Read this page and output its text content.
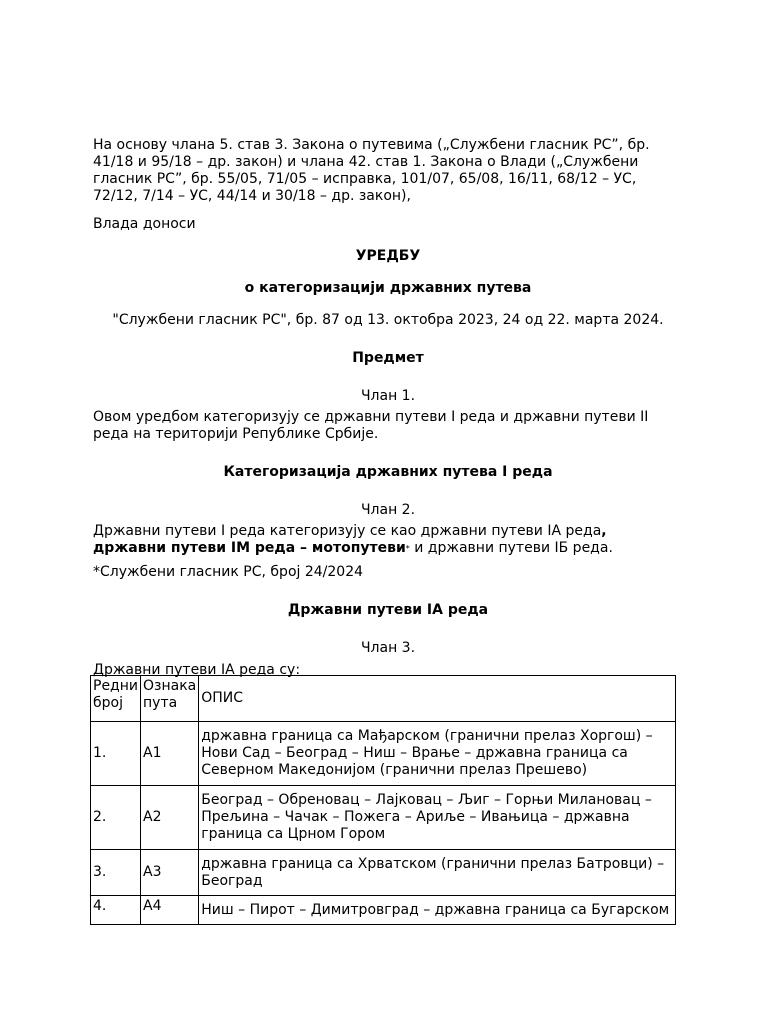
На основу члана 5. став 3. Закона о путевима („Службени гласник РС”, бр. 41/18 и 95/18 – др. закон) и члана 42. став 1. Закона о Влади („Службени гласник РС”, бр. 55/05, 71/05 – исправка, 101/07, 65/08, 16/11, 68/12 – УС, 72/12, 7/14 – УС, 44/14 и 30/18 – др. закон),

Влада доноси

УРЕДБУ

о категоризацији државних путева

"Службени гласник РС", бр. 87 од 13. октобра 2023, 24 од 22. марта 2024.

Предмет

Члан 1.

Овом уредбом категоризују се државни путеви I реда и државни путеви II реда на територији Републике Србије.

Категоризација државних путева I реда

Члан 2.

Државни путеви I реда категоризују се као државни путеви IА реда, државни путеви IМ реда – мотопутеви* и државни путеви IБ реда.

*Службени гласник РС, број 24/2024

Државни путеви IА реда

Члан 3.

Државни путеви IА реда су:

Редни број	Ознака пута	ОПИС
1.	А1	државна граница са Мађарском (гранични прелаз Хоргош) – Нови Сад – Београд – Ниш – Врање – државна граница са Северном Македонијом (гранични прелаз Прешево)
2.	А2	Београд – Обреновац – Лајковац – Љиг – Горњи Милановац – Прељина – Чачак – Пожега – Ариље – Ивањица – државна граница са Црном Гором
3.	А3	државна граница са Хрватском (гранични прелаз Батровци) – Београд
4.	А4	Ниш – Пирот – Димитровград – државна граница са Бугарском
